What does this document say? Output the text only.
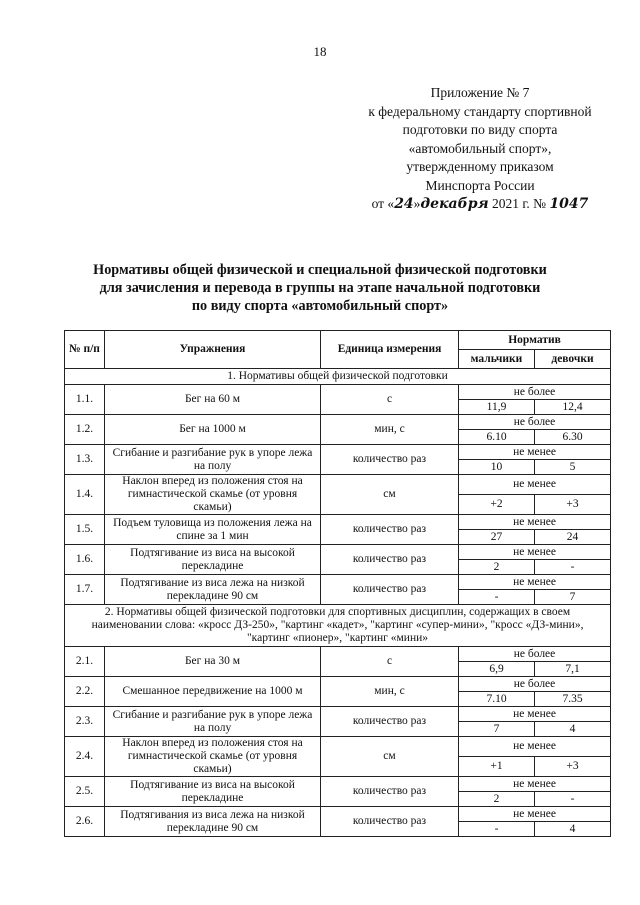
18
Приложение № 7
к федеральному стандарту спортивной
подготовки по виду спорта
«автомобильный спорт»,
утвержденному приказом
Минспорта России
от «24»декабря 2021 г. № 1047
Нормативы общей физической и специальной физической подготовки
для зачисления и перевода в группы на этапе начальной подготовки
по виду спорта «автомобильный спорт»
№ п/п	Упражнения	Единица измерения	Норматив	
			мальчики	девочки
1. Нормативы общей физической подготовки				
1.1.	Бег на 60 м	с	не более	
			11,9	12,4
1.2.	Бег на 1000 м	мин, с	не более	
			6.10	6.30
1.3.	Сгибание и разгибание рук в упоре лежа на полу	количество раз	не менее	
			10	5
1.4.	Наклон вперед из положения стоя на гимнастической скамье (от уровня скамьи)	см	не менее	
			+2	+3
1.5.	Подъем туловища из положения лежа на спине за 1 мин	количество раз	не менее	
			27	24
1.6.	Подтягивание из виса на высокой перекладине	количество раз	не менее	
			2	-
1.7.	Подтягивание из виса лежа на низкой перекладине 90 см	количество раз	не менее	
			-	7
2. Нормативы общей физической подготовки для спортивных дисциплин, содержащих в своем наименовании слова: «кросс ДЗ-250», "картинг «кадет», "картинг «супер-мини», "кросс «ДЗ-мини», "картинг «пионер», "картинг «мини»				
2.1.	Бег на 30 м	с	не более	
			6,9	7,1
2.2.	Смешанное передвижение на 1000 м	мин, с	не более	
			7.10	7.35
2.3.	Сгибание и разгибание рук в упоре лежа на полу	количество раз	не менее	
			7	4
2.4.	Наклон вперед из положения стоя на гимнастической скамье (от уровня скамьи)	см	не менее	
			+1	+3
2.5.	Подтягивание из виса на высокой перекладине	количество раз	не менее	
			2	-
2.6.	Подтягивания из виса лежа на низкой перекладине 90 см	количество раз	не менее	
			-	4
